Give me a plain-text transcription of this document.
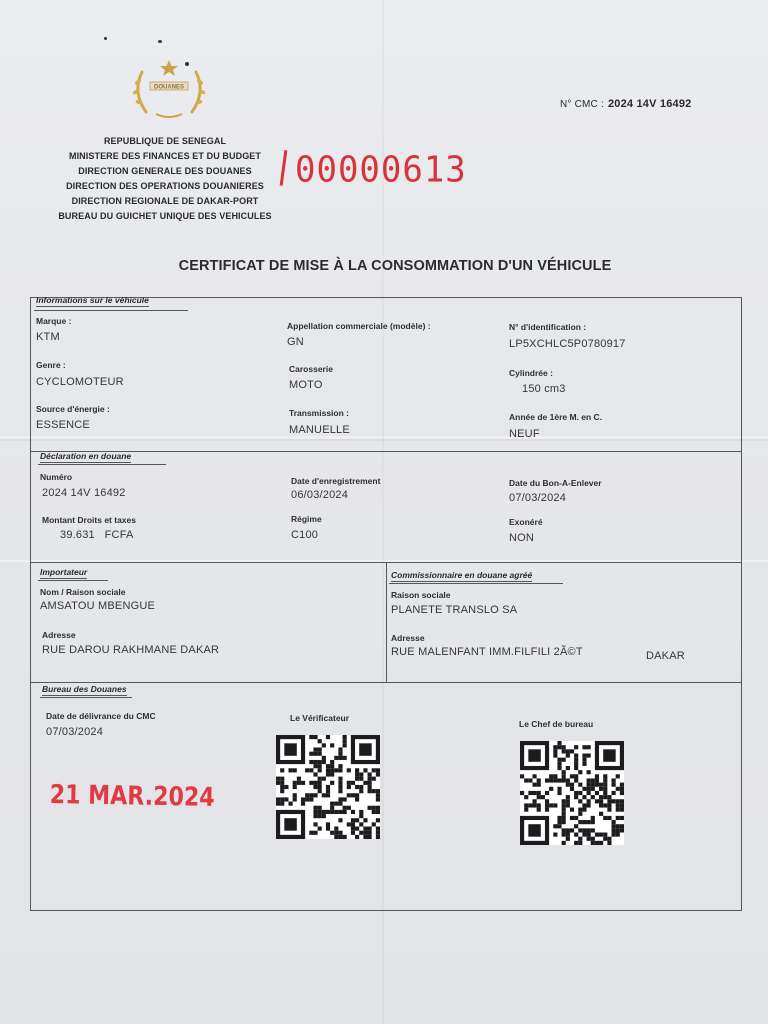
DOUANES
N° CMC : 2024 14V 16492
REPUBLIQUE DE SENEGAL
MINISTERE DES FINANCES ET DU BUDGET
DIRECTION GENERALE DES DOUANES
DIRECTION DES OPERATIONS DOUANIERES
DIRECTION REGIONALE DE DAKAR-PORT
BUREAU DU GUICHET UNIQUE DES VEHICULES
00000613
CERTIFICAT DE MISE À LA CONSOMMATION D'UN VÉHICULE
Informations sur le véhicule
Marque :
KTM
Appellation commerciale (modèle) :
GN
N° d'identification :
LP5XCHLC5P0780917
Genre :
CYCLOMOTEUR
Carosserie
MOTO
Cylindrée :
150 cm3
Source d'énergie :
ESSENCE
Transmission :
MANUELLE
Année de 1ère M. en C.
NEUF
Déclaration en douane
Numéro
2024 14V 16492
Date d'enregistrement
06/03/2024
Date du Bon-A-Enlever
07/03/2024
Montant Droits et taxes
39.631 FCFA
Régime
C100
Exonéré
NON
Importateur
Nom / Raison sociale
AMSATOU MBENGUE
Adresse
RUE DAROU RAKHMANE DAKAR
Commissionnaire en douane agréé
Raison sociale
PLANETE TRANSLO SA
Adresse
RUE MALENFANT IMM.FILFILI 2Ã©T	DAKAR
Bureau des Douanes
Date de délivrance du CMC
07/03/2024
Le Vérificateur
Le Chef de bureau
21 MAR.2024
